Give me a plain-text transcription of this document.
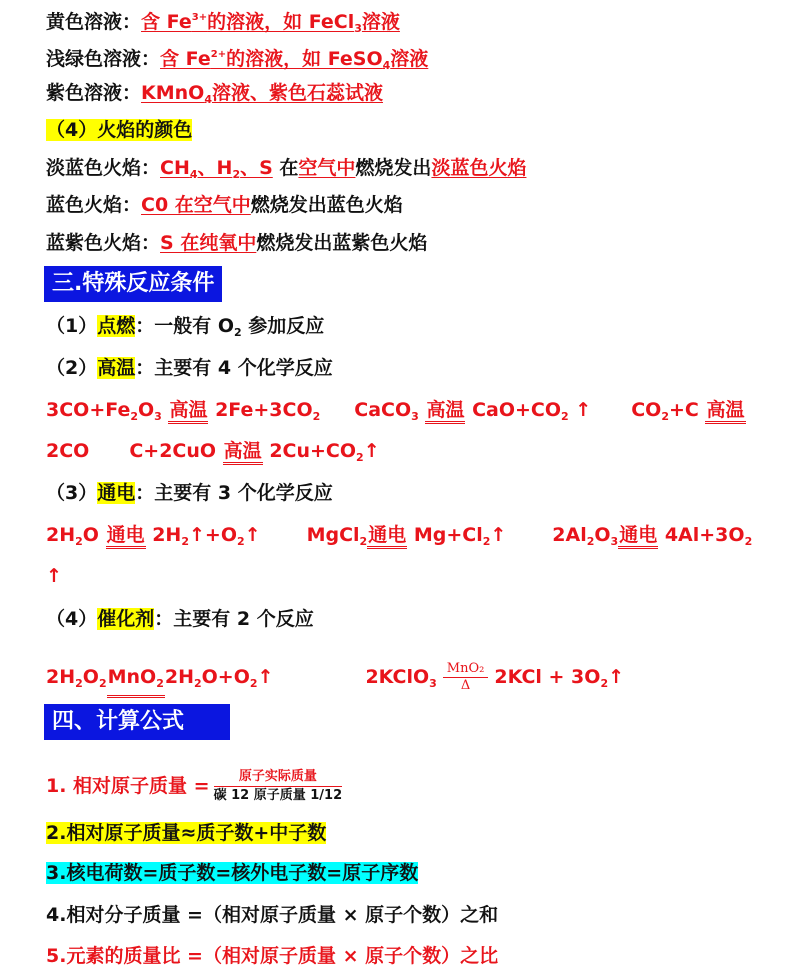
黄色溶液：含 $Fe^{3+}$的溶液，如 FeCl$_3$溶液
浅绿色溶液：含 $Fe^{2+}$的溶液，如 FeSO$_4$溶液
紫色溶液：KMnO$_4$溶液、紫色石蕊试液
（4）火焰的颜色
淡蓝色火焰：$CH_4$、$H_2$、S 在空气中燃烧发出淡蓝色火焰
蓝色火焰：C0 在空气中燃烧发出蓝色火焰
蓝紫色火焰：S 在纯氧中燃烧发出蓝紫色火焰
三.特殊反应条件
（1）点燃：一般有 $O_2$ 参加反应
（2）高温：主要有 4 个化学反应
$3CO+Fe_2O_3$ 高温 $2Fe+3CO_2$ CaCO$_3$ 高温 $CaO+CO_2$ ↑ $CO_2+C$ 高温
2CO C+2CuO 高温 $2Cu+CO_2↑$
（3）通电：主要有 3 个化学反应
$2H_2O$ 通电 $2H_2↑+O_2↑$ MgCl$_2$通电 $Mg+Cl_2↑$ $2Al_2O_3$通电 $4Al+3O_2$
↑
（4）催化剂：主要有 2 个反应
$2H_2O_2MnO_22H_2O+O_2↑$	2KClO$_3$ $\frac{\text{MnO₂}}{\Delta} 2KCl$ + $3O_2↑$
四、计算公式
1. 相对原子质量 = $\frac{\text{原子实际质量}}{\text{碳 12 原子质量 1/12}}$
2.相对原子质量≈质子数+中子数
3.核电荷数=质子数=核外电子数=原子序数
4.相对分子质量 =（相对原子质量 × 原子个数）之和
5.元素的质量比 =（相对原子质量 × 原子个数）之比
